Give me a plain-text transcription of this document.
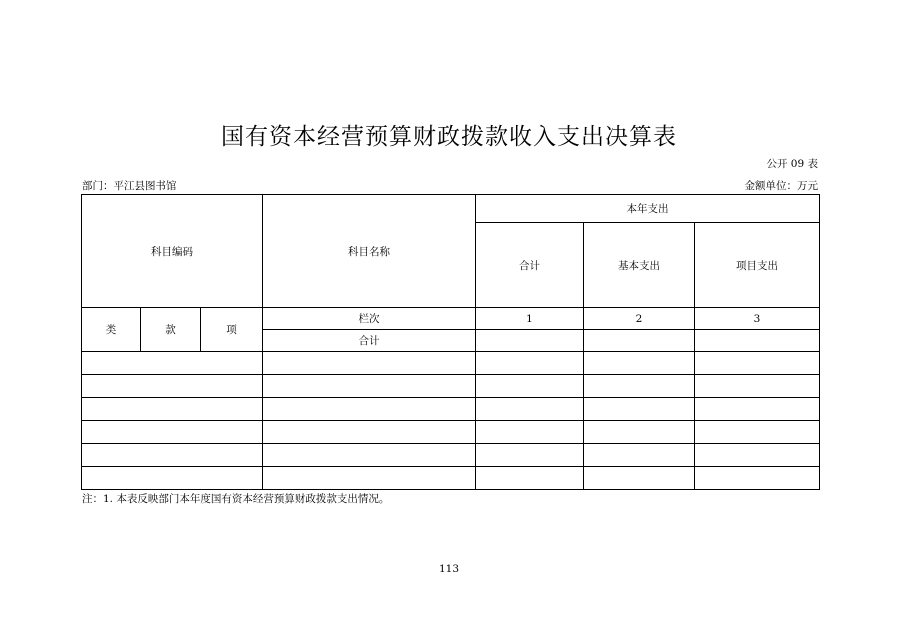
国有资本经营预算财政拨款收入支出决算表
公开 09 表
部门：平江县图书馆	金额单位：万元
科目编码			科目名称	本年支出		
				合计	基本支出	项目支出
类	款	项	栏次	1	2	3
			合计			

注：1. 本表反映部门本年度国有资本经营预算财政拨款支出情况。
113
